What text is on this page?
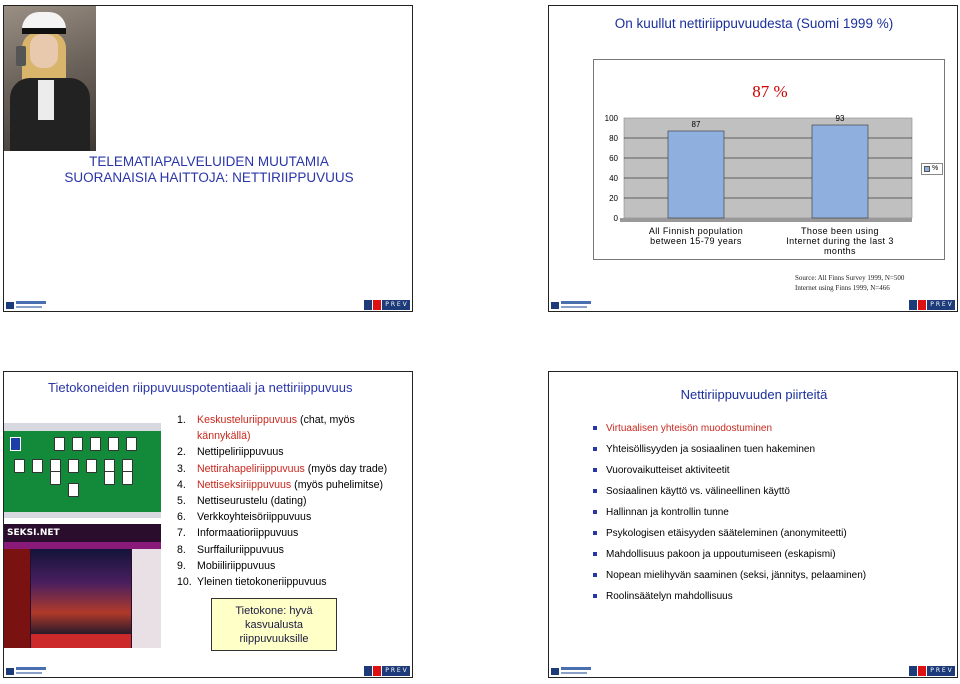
TELEMATIAPALVELUIDEN MUUTAMIA
SUORANAISIA HAITTOJA: NETTIRIIPPUVUUS
P R E V
On kuullut nettiriippuvuudesta (Suomi 1999 %)
87 %
100
80
60
40
20
0
87
All Finnish population
between 15-79 years
93
Those been using
Internet during the last 3
months
%
Source: All Finns Survey 1999, N=500
Internet using Finns 1999, N=466
P R E V
Tietokoneiden riippuvuuspotentiaali ja nettiriippuvuus
SEKSI.NET
1.	Keskusteluriippuvuus (chat, myös
kännykällä)
2.	Nettipeliriippuvuus
3.	Nettirahapeliriippuvuus (myös day trade)
4.	Nettiseksiriippuvuus (myös puhelimitse)
5.	Nettiseurustelu (dating)
6.	Verkkoyhteisöriippuvuus
7.	Informaatioriippuvuus
8.	Surffailuriippuvuus
9.	Mobiiliriippuvuus
10. Yleinen tietokoneriippuvuus
Tietokone: hyvä
kasvualusta
riippuvuuksille
P R E V
Nettiriippuvuuden piirteitä
Virtuaalisen yhteisön muodostuminen
Yhteisöllisyyden ja sosiaalinen tuen hakeminen
Vuorovaikutteiset aktiviteetit
Sosiaalinen käyttö vs. välineellinen käyttö
Hallinnan ja kontrollin tunne
Psykologisen etäisyyden säätelеminen (anonymiteetti)
Mahdollisuus pakoon ja uppoutumiseen (eskapismi)
Nopean mielihyvän saaminen (seksi, jännitys, pelaaminen)
Roolinsäätelyn mahdollisuus
P R E V
